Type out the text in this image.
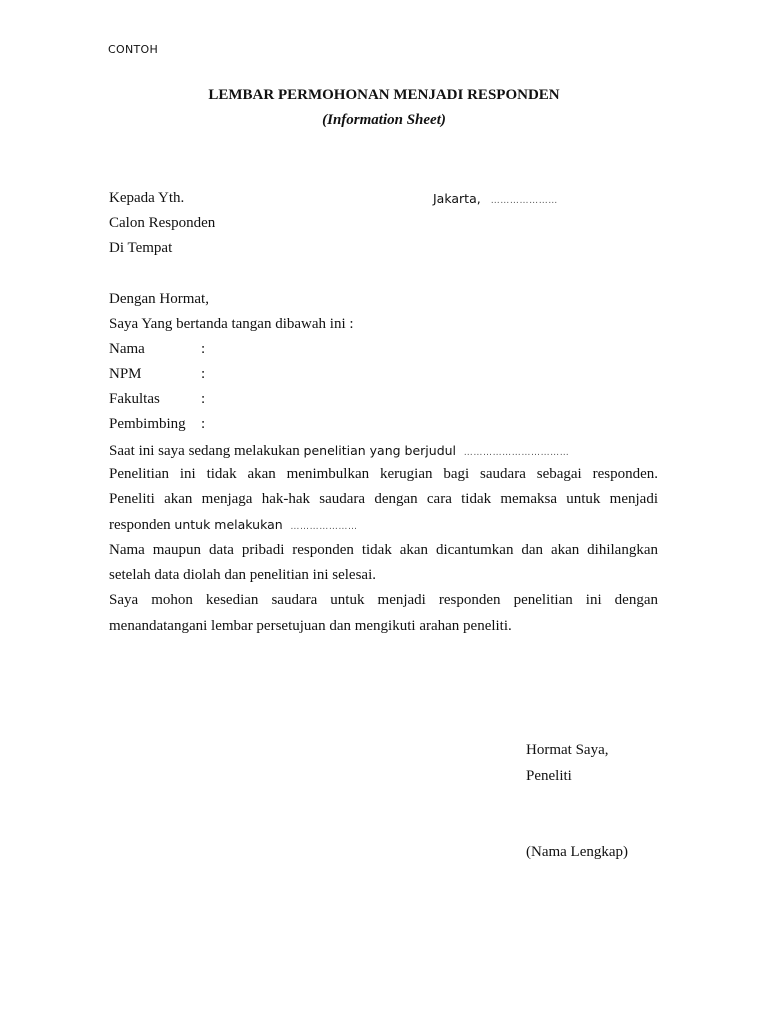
CONTOH
LEMBAR PERMOHONAN MENJADI RESPONDEN
(Information Sheet)
Kepada Yth.	Jakarta, …………………
Calon Responden
Di Tempat
Dengan Hormat,
Saya Yang bertanda tangan dibawah ini :
Nama	:
NPM	:
Fakultas	:
Pembimbing :
Saat ini saya sedang melakukan penelitian yang berjudul ……………………………
Penelitian ini tidak akan menimbulkan kerugian bagi saudara sebagai responden.
Peneliti akan menjaga hak-hak saudara dengan cara tidak memaksa untuk menjadi
responden untuk melakukan …………………
Nama maupun data pribadi responden tidak akan dicantumkan dan akan dihilangkan
setelah data diolah dan penelitian ini selesai.
Saya mohon kesedian saudara untuk menjadi responden penelitian ini dengan
menandatangani lembar persetujuan dan mengikuti arahan peneliti.
Hormat Saya,
Peneliti
(Nama Lengkap)
